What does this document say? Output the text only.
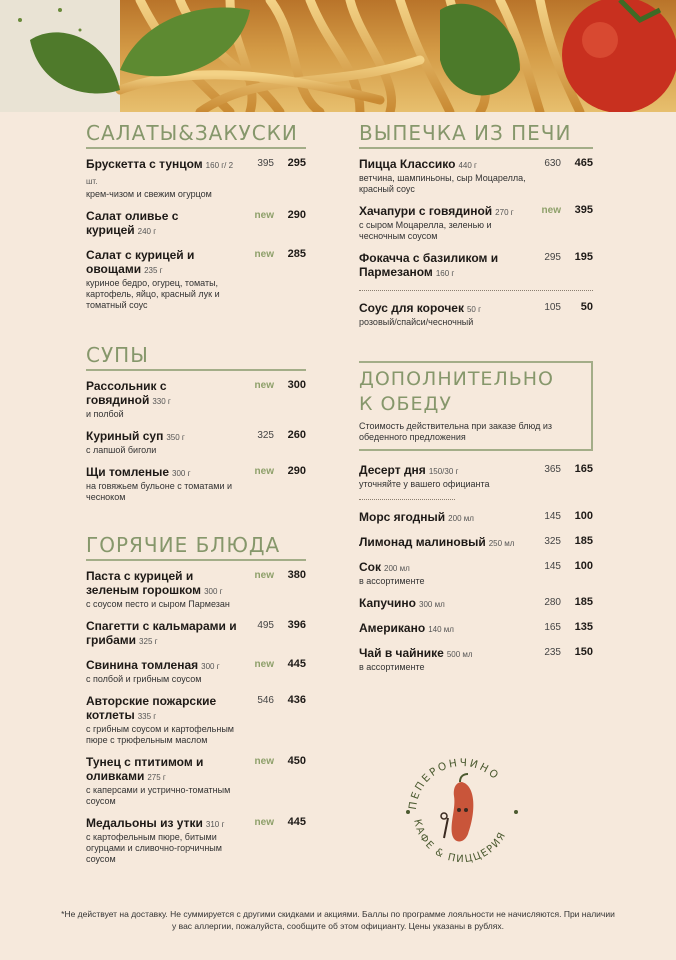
САЛАТЫ&ЗАКУСКИ
Брускетта с тунцом 160 г/ 2 шт.
крем-чизом и свежим огурцом
395	295
Салат оливье с курицей 240 г
new	290
Салат с курицей и овощами 235 г
куриное бедро, огурец, томаты, картофель, яйцо, красный лук и томатный соус
new	285
СУПЫ
Рассольник с говядиной 330 г
и полбой
new	300
Куриный суп 350 г
с лапшой биголи
325	260
Щи томленые 300 г
на говяжьем бульоне с томатами и чесноком
new	290
ГОРЯЧИЕ БЛЮДА
Паста с курицей и зеленым горошком 300 г
с соусом песто и сыром Пармезан
new	380
Спагетти с кальмарами и грибами 325 г
495	396
Свинина томленая 300 г
с полбой и грибным соусом
new	445
Авторские пожарские котлеты 335 г
с грибным соусом и картофельным пюре с трюфельным маслом
546	436
Тунец с птитимом и оливками 275 г
с каперсами и устрично-томатным соусом
new	450
Медальоны из утки 310 г
с картофельным пюре, битыми огурцами и сливочно-горчичным соусом
new	445
ВЫПЕЧКА ИЗ ПЕЧИ
Пицца Классико 440 г
ветчина, шампиньоны, сыр Моцарелла, красный соус
630	465
Хачапури с говядиной 270 г
с сыром Моцарелла, зеленью и чесночным соусом
new	395
Фокачча с базиликом и Пармезаном 160 г
295	195
Соус для корочек 50 г
розовый/спайси/чесночный
105	50
ДОПОЛНИТЕЛЬНО
К ОБЕДУ
Стоимость действительна при заказе блюд из обеденного предложения
Десерт дня 150/30 г
уточняйте у вашего официанта
365	165
Морс ягодный 200 мл	145	100
Лимонад малиновый 250 мл	325	185
Сок 200 мл
в ассортименте
145	100
Капучино 300 мл	280	185
Американо 140 мл	165	135
Чай в чайнике 500 мл
в ассортименте
235	150
ПЕПЕРОНЧИНО
КАФЕ & ПИЦЦЕРИЯ
*Не действует на доставку. Не суммируется с другими скидками и акциями. Баллы по программе лояльности не начисляются. При наличии у вас аллергии, пожалуйста, сообщите об этом официанту. Цены указаны в рублях.
